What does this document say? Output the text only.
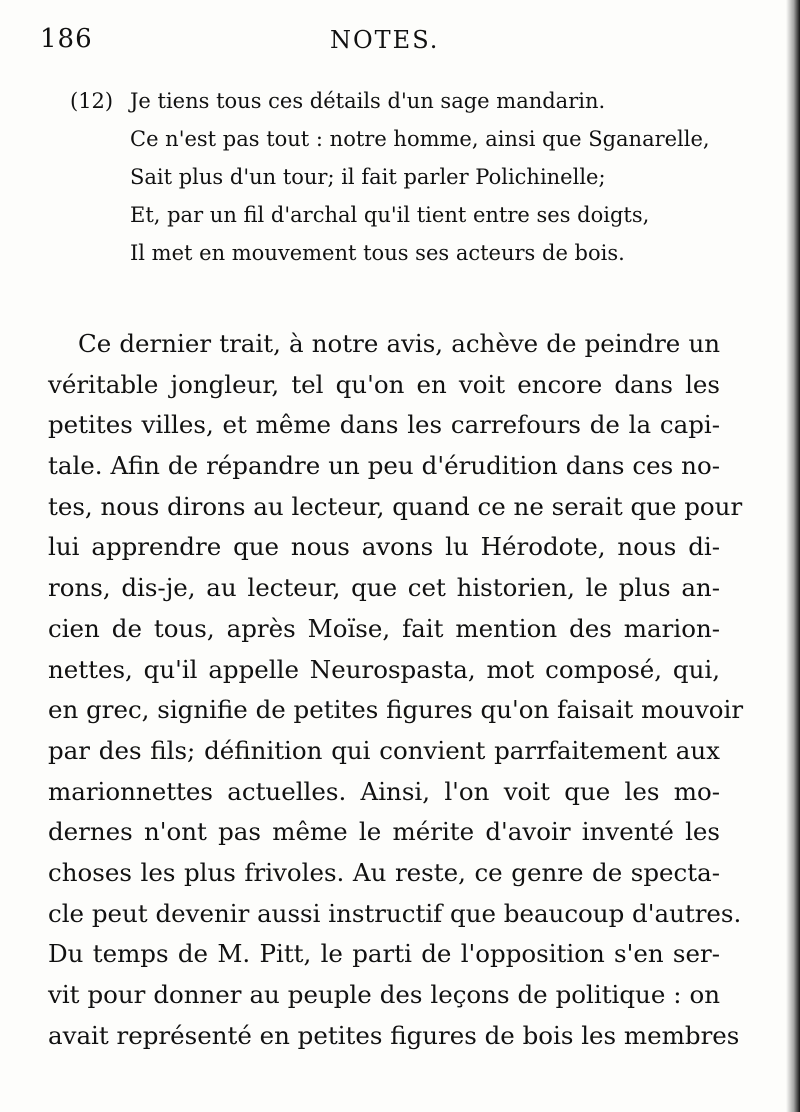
186	NOTES.
(12) Je tiens tous ces détails d'un sage mandarin.
Ce n'est pas tout : notre homme, ainsi que Sganarelle,
Sait plus d'un tour; il fait parler Polichinelle;
Et, par un fil d'archal qu'il tient entre ses doigts,
Il met en mouvement tous ses acteurs de bois.
Ce dernier trait, à notre avis, achève de peindre un
véritable jongleur, tel qu'on en voit encore dans les
petites villes, et même dans les carrefours de la capi-
tale. Afin de répandre un peu d'érudition dans ces no-
tes, nous dirons au lecteur, quand ce ne serait que pour
lui apprendre que nous avons lu Hérodote, nous di-
rons, dis-je, au lecteur, que cet historien, le plus an-
cien de tous, après Moïse, fait mention des marion-
nettes, qu'il appelle Neurospasta, mot composé, qui,
en grec, signifie de petites figures qu'on faisait mouvoir
par des fils; définition qui convient parrfaitement aux
marionnettes actuelles. Ainsi, l'on voit que les mo-
dernes n'ont pas même le mérite d'avoir inventé les
choses les plus frivoles. Au reste, ce genre de specta-
cle peut devenir aussi instructif que beaucoup d'autres.
Du temps de M. Pitt, le parti de l'opposition s'en ser-
vit pour donner au peuple des leçons de politique : on
avait représenté en petites figures de bois les membres
